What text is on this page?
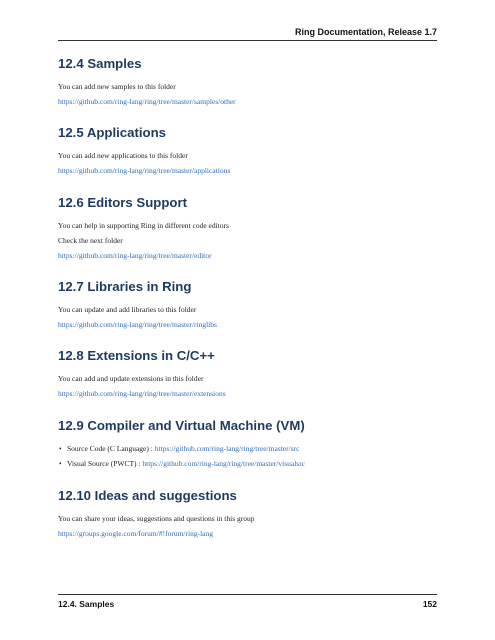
Ring Documentation, Release 1.7
12.4 Samples

You can add new samples to this folder

https://github.com/ring-lang/ring/tree/master/samples/other
12.5 Applications

You can add new applications to this folder

https://github.com/ring-lang/ring/tree/master/applications
12.6 Editors Support

You can help in supporting Ring in different code editors

Check the next folder

https://github.com/ring-lang/ring/tree/master/editor
12.7 Libraries in Ring

You can update and add libraries to this folder

https://github.com/ring-lang/ring/tree/master/ringlibs
12.8 Extensions in C/C++

You can add and update extensions in this folder

https://github.com/ring-lang/ring/tree/master/extensions
12.9 Compiler and Virtual Machine (VM)
• Source Code (C Language) : https://github.com/ring-lang/ring/tree/master/src
• Visual Source (PWCT) : https://github.com/ring-lang/ring/tree/master/visualsrc
12.10 Ideas and suggestions

You can share your ideas, suggestions and questions in this group

https://groups.google.com/forum/#!forum/ring-lang
12.4. Samples	152
